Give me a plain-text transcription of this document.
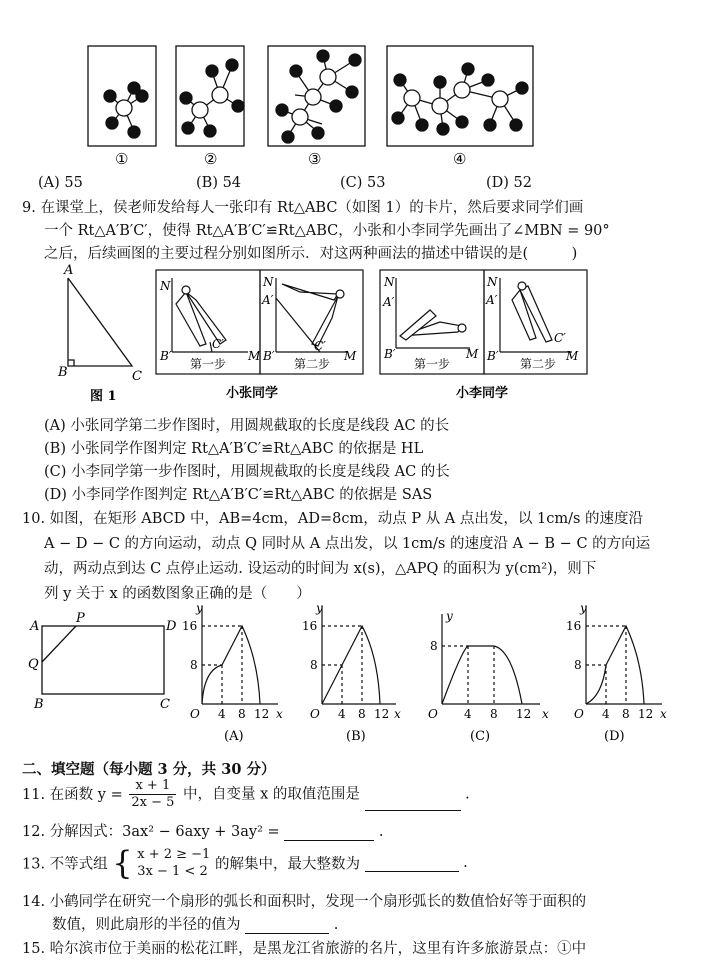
①	②	③	④
(A) 55	(B) 54	(C) 53	(D) 52
9. 在课堂上，侯老师发给每人一张印有 Rt△ABC（如图 1）的卡片，然后要求同学们画
一个 Rt△A′B′C′，使得 Rt△A′B′C′≌Rt△ABC，小张和小李同学先画出了∠MBN = 90°
之后，后续画图的主要过程分别如图所示．对这两种画法的描述中错误的是(　　　)
A
B	C
图 1
N
B′
C′
M
第一步
N
A′
B′
C′
M
第二步
小张同学
N
A′
B′	M
第一步
N
A′
B′
C′
M
第二步
小李同学
(A) 小张同学第二步作图时，用圆规截取的长度是线段 AC 的长
(B) 小张同学作图判定 Rt△A′B′C′≌Rt△ABC 的依据是 HL
(C) 小李同学第一步作图时，用圆规截取的长度是线段 AC 的长
(D) 小李同学作图判定 Rt△A′B′C′≌Rt△ABC 的依据是 SAS
10. 如图，在矩形 ABCD 中，AB=4cm，AD=8cm，动点 P 从 A 点出发，以 1cm/s 的速度沿
A − D − C 的方向运动，动点 Q 同时从 A 点出发，以 1cm/s 的速度沿 A − B − C 的方向运
动，两动点到达 C 点停止运动. 设运动的时间为 x(s)，△APQ 的面积为 y(cm²)，则下
列 y 关于 x 的函数图象正确的是（　　）
A	D
P
Q
B	C
y
16
8
O 4 8 12 x
(A)
y
16
8
O 4 8 12 x
(B)
y
8
O 4 8 12 x
(C)
y
16
8
O 4 8 12 x
(D)
二、填空题（每小题 3 分，共 30 分）
11. 在函数 $y = \frac{x + 1}{2x - 5}$ 中，自变量 x 的取值范围是	.
12. 分解因式：3ax² − 6axy + 3ay² =	.
13. 不等式组 { x + 2 ≥ −1
3x − 1 < 2 的解集中，最大整数为	.
14. 小鹤同学在研究一个扇形的弧长和面积时，发现一个扇形弧长的数值恰好等于面积的
数值，则此扇形的半径的值为	.
15. 哈尔滨市位于美丽的松花江畔，是黑龙江省旅游的名片，这里有许多旅游景点：①中
